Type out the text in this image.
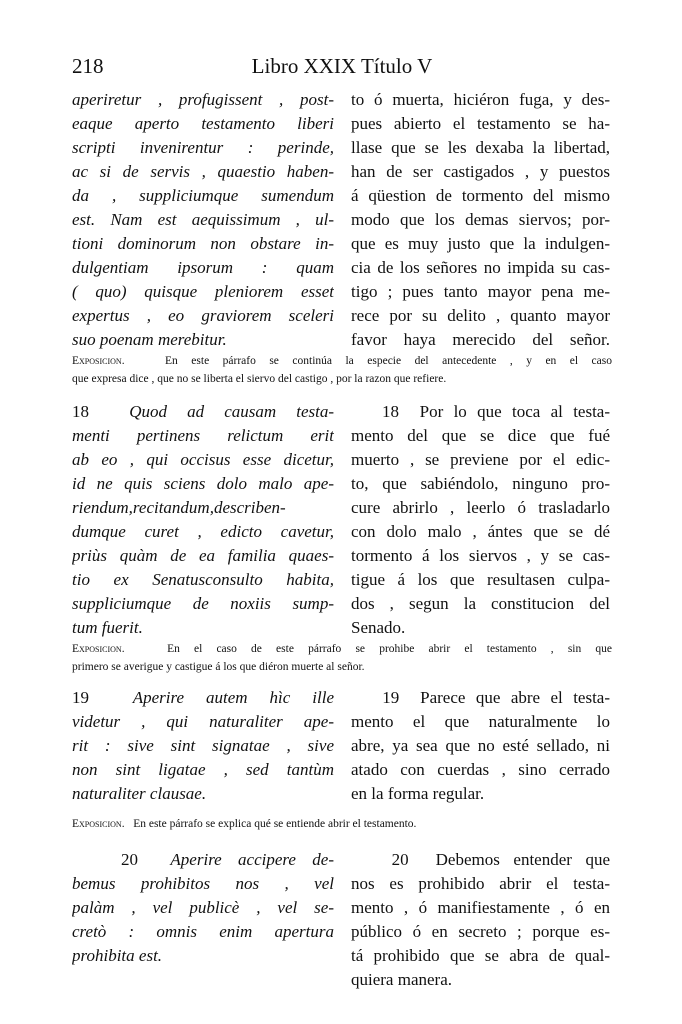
218	Libro XXIX Título V
aperiretur , profugissent , post-
eaque aperto testamento liberi
scripti invenirentur : perinde,
ac si de servis , quaestio haben-
da , suppliciumque sumendum
est. Nam est aequissimum , ul-
tioni dominorum non obstare in-
dulgentiam ipsorum : quam
( quo) quisque pleniorem esset
expertus , eo graviorem sceleri
suo poenam merebitur.
to ó muerta, hiciéron fuga, y des-
pues abierto el testamento se ha-
llase que se les dexaba la libertad,
han de ser castigados , y puestos
á qüestion de tormento del mismo
modo que los demas siervos; por-
que es muy justo que la indulgen-
cia de los señores no impida su cas-
tigo ; pues tanto mayor pena me-
rece por su delito , quanto mayor
favor haya merecido del señor.
Exposicion.	En este párrafo se continúa la especie del antecedente , y en el caso
que expresa dice , que no se liberta el siervo del castigo , por la razon que refiere.
18 Quod ad causam testa-
menti pertinens relictum erit
ab eo , qui occisus esse dicetur,
id ne quis sciens dolo malo ape-
riendum,recitandum,describen-
dumque curet , edicto cavetur,
priùs quàm de ea familia quaes-
tio ex Senatusconsulto habita,
suppliciumque de noxiis sump-
tum fuerit.
18 Por lo que toca al testa-
mento del que se dice que fué
muerto , se previene por el edic-
to, que sabiéndolo, ninguno pro-
cure abrirlo , leerlo ó trasladarlo
con dolo malo , ántes que se dé
tormento á los siervos , y se cas-
tigue á los que resultasen culpa-
dos , segun la constitucion del
Senado.
Exposicion.	En el caso de este párrafo se prohibe abrir el testamento , sin que
primero se averigue y castigue á los que diéron muerte al señor.
19	Aperire autem hìc ille
videtur , qui naturaliter ape-
rit : sive sint signatae , sive
non sint ligatae , sed tantùm
naturaliter clausae.
19 Parece que abre el testa-
mento el que naturalmente lo
abre, ya sea que no esté sellado, ni
atado con cuerdas , sino cerrado
en la forma regular.
Exposicion. En este párrafo se explica qué se entiende abrir el testamento.
20 Aperire accipere de-
bemus prohibitos nos , vel
palàm , vel publicè , vel se-
cretò : omnis enim apertura
prohibita est.
20 Debemos entender que
nos es prohibido abrir el testa-
mento , ó manifiestamente , ó en
público ó en secreto ; porque es-
tá prohibido que se abra de qual-
quiera manera.
